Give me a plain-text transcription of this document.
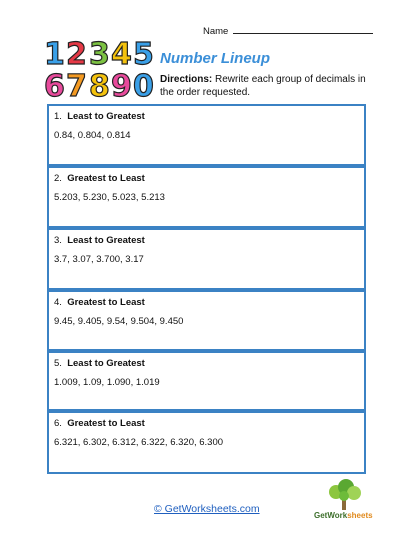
Name
1 2 3 4 5
6 7 8 9 0
Number Lineup
Directions: Rewrite each group of decimals in the order requested.
1. Least to Greatest
0.84, 0.804, 0.814
2. Greatest to Least
5.203, 5.230, 5.023, 5.213
3. Least to Greatest
3.7, 3.07, 3.700, 3.17
4. Greatest to Least
9.45, 9.405, 9.54, 9.504, 9.450
5. Least to Greatest
1.009, 1.09, 1.090, 1.019
6. Greatest to Least
6.321, 6.302, 6.312, 6.322, 6.320, 6.300
© GetWorksheets.com
GetWorksheets
